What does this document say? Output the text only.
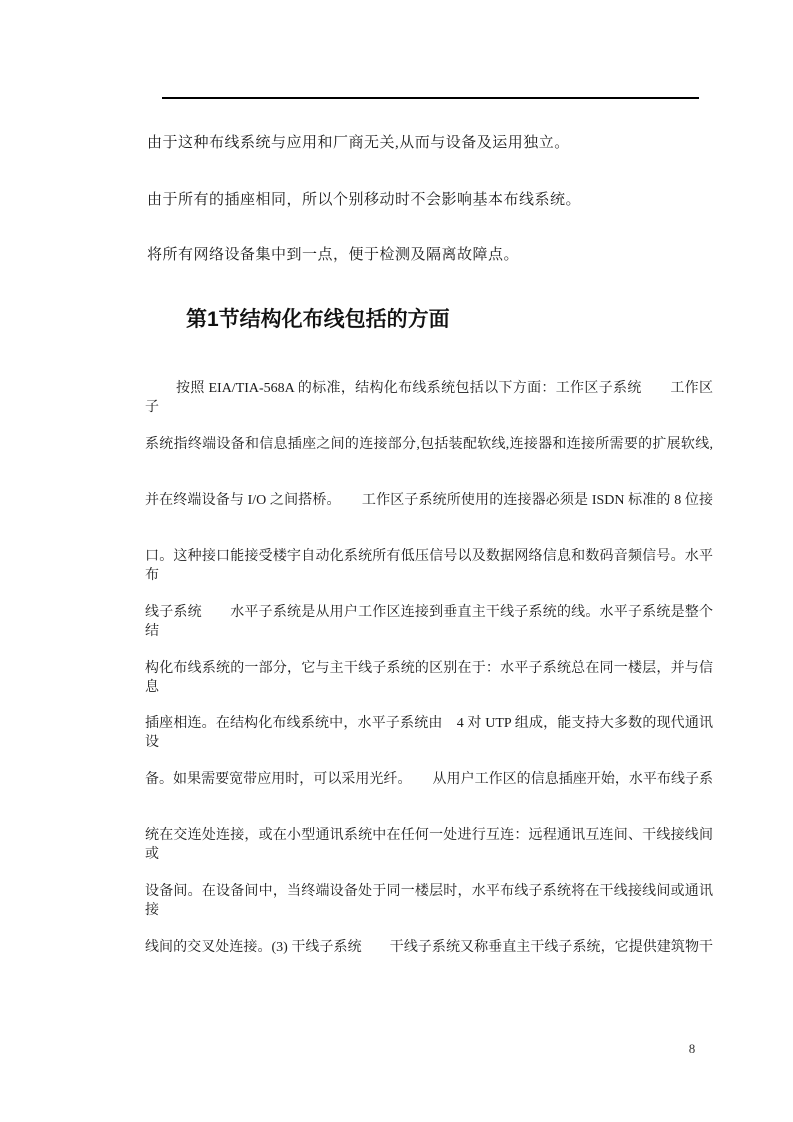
由于这种布线系统与应用和厂商无关,从而与设备及运用独立。

由于所有的插座相同，所以个别移动时不会影响基本布线系统。

将所有网络设备集中到一点，便于检测及隔离故障点。

第1节结构化布线包括的方面

按照 EIA/TIA-568A 的标准，结构化布线系统包括以下方面：工作区子系统　　工作区子

系统指终端设备和信息插座之间的连接部分,包括装配软线,连接器和连接所需要的扩展软线,

并在终端设备与 I/O 之间搭桥。　　工作区子系统所使用的连接器必须是 ISDN 标准的 8 位接

口。这种接口能接受楼宇自动化系统所有低压信号以及数据网络信息和数码音频信号。水平布

线子系统　　水平子系统是从用户工作区连接到垂直主干线子系统的线。水平子系统是整个结

构化布线系统的一部分，它与主干线子系统的区别在于：水平子系统总在同一楼层，并与信息

插座相连。在结构化布线系统中，水平子系统由　4 对 UTP 组成，能支持大多数的现代通讯设

备。如果需要宽带应用时，可以采用光纤。　　从用户工作区的信息插座开始，水平布线子系

统在交连处连接，或在小型通讯系统中在任何一处进行互连：远程通讯互连间、干线接线间或

设备间。在设备间中，当终端设备处于同一楼层时，水平布线子系统将在干线接线间或通讯接

线间的交叉处连接。(3) 干线子系统　　干线子系统又称垂直主干线子系统，它提供建筑物干

8
